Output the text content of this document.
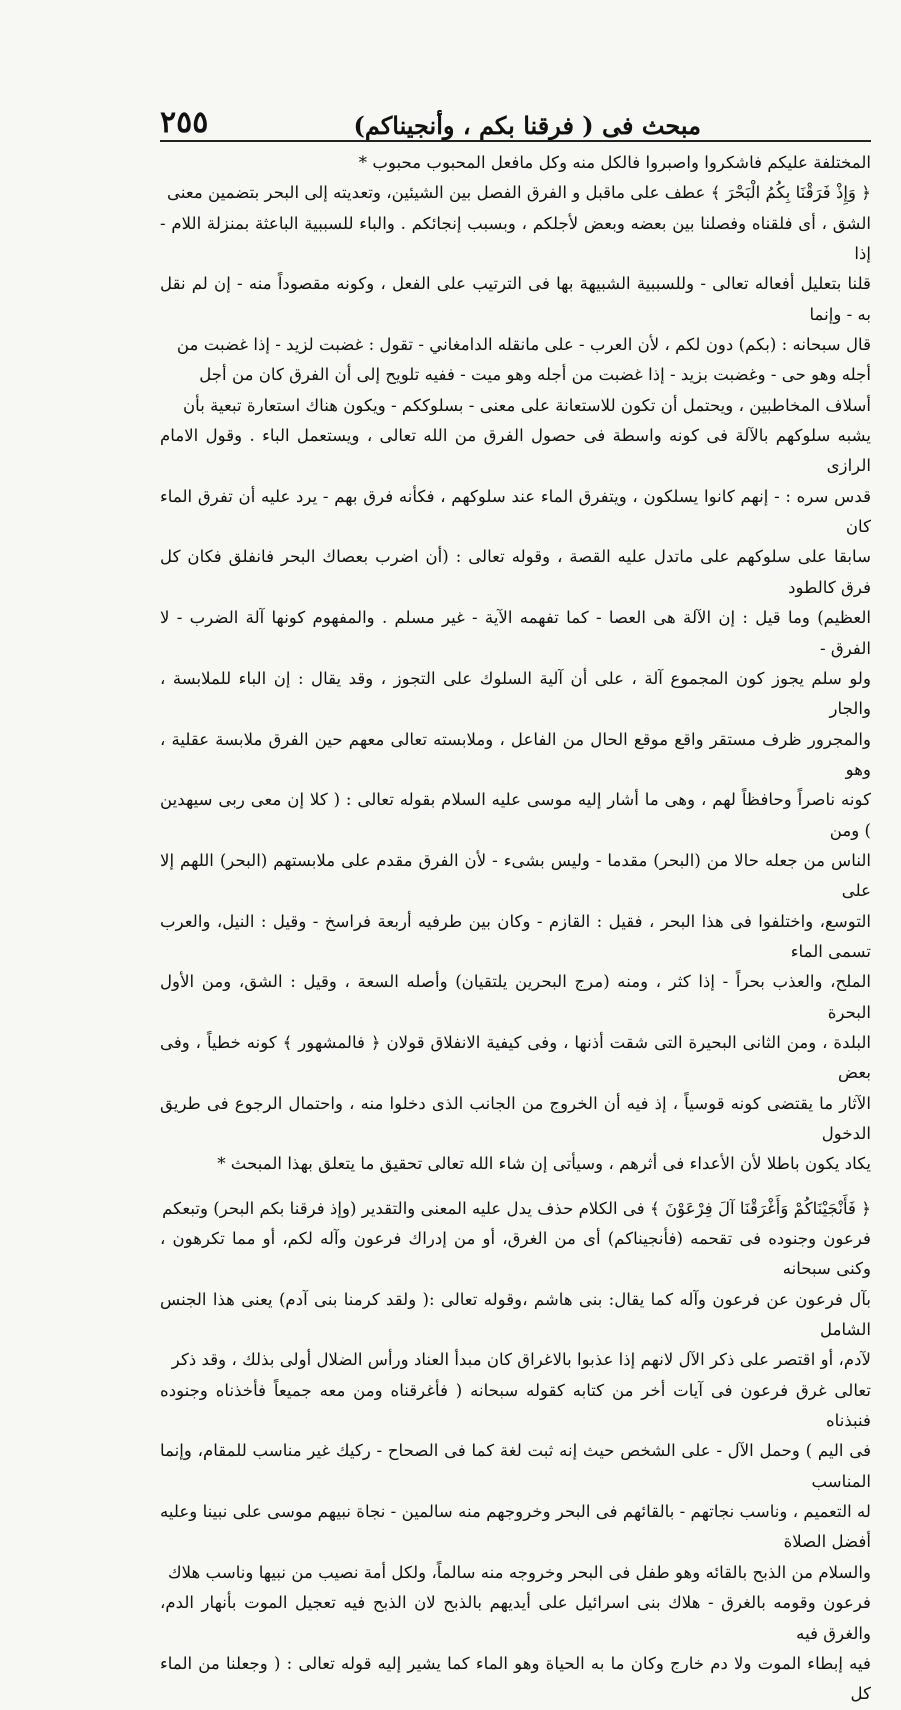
مبحث فى ( فرقنا بكم ، وأنجيناكم)
٢٥٥
المختلفة عليكم فاشكروا واصبروا فالكل منه وكل مافعل المحبوب محبوب *
﴿ وَإِذْ فَرَقْنَا بِكُمُ الْبَحْرَ ﴾ عطف على ماقبل و الفرق الفصل بين الشيئين، وتعديته إلى البحر بتضمين معنى
الشق ، أى فلقناه وفصلنا بين بعضه وبعض لأجلكم ، وبسبب إنجائكم . والباء للسببية الباعثة بمنزلة اللام - إذا
قلنا بتعليل أفعاله تعالى - وللسببية الشبيهة بها فى الترتيب على الفعل ، وكونه مقصوداً منه - إن لم نقل به - وإنما
قال سبحانه : (بكم) دون لكم ، لأن العرب - على مانقله الدامغاني - تقول : غضبت لزيد - إذا غضبت من
أجله وهو حى - وغضبت بزيد - إذا غضبت من أجله وهو ميت - ففيه تلويح إلى أن الفرق كان من أجل
أسلاف المخاطبين ، ويحتمل أن تكون للاستعانة على معنى - بسلوككم - ويكون هناك استعارة تبعية بأن
يشبه سلوكهم بالآلة فى كونه واسطة فى حصول الفرق من الله تعالى ، ويستعمل الباء . وقول الامام الرازى
قدس سره : - إنهم كانوا يسلكون ، ويتفرق الماء عند سلوكهم ، فكأنه فرق بهم - يرد عليه أن تفرق الماء كان
سابقا على سلوكهم على ماتدل عليه القصة ، وقوله تعالى : (أن اضرب بعصاك البحر فانفلق فكان كل فرق كالطود
العظيم) وما قيل : إن الآلة هى العصا - كما تفهمه الآية - غير مسلم . والمفهوم كونها آلة الضرب - لا الفرق -
ولو سلم يجوز كون المجموع آلة ، على أن آلية السلوك على التجوز ، وقد يقال : إن الباء للملابسة ، والجار
والمجرور ظرف مستقر واقع موقع الحال من الفاعل ، وملابسته تعالى معهم حين الفرق ملابسة عقلية ، وهو
كونه ناصراً وحافظاً لهم ، وهى ما أشار إليه موسى عليه السلام بقوله تعالى : ( كلا إن معى ربى سيهدين ) ومن
الناس من جعله حالا من (البحر) مقدما - وليس بشىء - لأن الفرق مقدم على ملابستهم (البحر) اللهم إلا على
التوسع، واختلفوا فى هذا البحر ، فقيل : القازم - وكان بين طرفيه أربعة فراسخ - وقيل : النيل، والعرب تسمى الماء
الملح، والعذب بحراً - إذا كثر ، ومنه (مرج البحرين يلتقيان) وأصله السعة ، وقيل : الشق، ومن الأول البحرة
البلدة ، ومن الثانى البحيرة التى شقت أذنها ، وفى كيفية الانفلاق قولان ﴿ فالمشهور ﴾ كونه خطياً ، وفى بعض
الآثار ما يقتضى كونه قوسياً ، إذ فيه أن الخروج من الجانب الذى دخلوا منه ، واحتمال الرجوع فى طريق الدخول
يكاد يكون باطلا لأن الأعداء فى أثرهم ، وسيأتى إن شاء الله تعالى تحقيق ما يتعلق بهذا المبحث *
﴿ فَأَنْجَيْنَاكُمْ وَأَغْرَقْنَا آلَ فِرْعَوْنَ ﴾ فى الكلام حذف يدل عليه المعنى والتقدير (وإذ فرقنا بكم البحر) وتبعكم
فرعون وجنوده فى تقحمه (فأنجيناكم) أى من الغرق، أو من إدراك فرعون وآله لكم، أو مما تكرهون ، وكنى سبحانه
بآل فرعون عن فرعون وآله كما يقال: بنى هاشم ،وقوله تعالى :( ولقد كرمنا بنى آدم) يعنى هذا الجنس الشامل
لآدم، أو اقتصر على ذكر الآل لانهم إذا عذبوا بالاغراق كان مبدأ العناد ورأس الضلال أولى بذلك ، وقد ذكر
تعالى غرق فرعون فى آيات أخر من كتابه كقوله سبحانه ( فأغرقناه ومن معه جميعاً فأخذناه وجنوده فنبذناه
فى اليم ) وحمل الآل - على الشخص حيث إنه ثبت لغة كما فى الصحاح - ركيك غير مناسب للمقام، وإنما المناسب
له التعميم ، وناسب نجاتهم - بالقائهم فى البحر وخروجهم منه سالمين - نجاة نبيهم موسى على نبينا وعليه أفضل الصلاة
والسلام من الذبح بالقائه وهو طفل فى البحر وخروجه منه سالماً، ولكل أمة نصيب من نبيها وناسب هلاك
فرعون وقومه بالغرق - هلاك بنى اسرائيل على أيديهم بالذبح لان الذبح فيه تعجيل الموت بأنهار الدم، والغرق فيه
فيه إبطاء الموت ولا دم خارج وكان ما به الحياة وهو الماء كما يشير إليه قوله تعالى : ( وجعلنا من الماء كل
